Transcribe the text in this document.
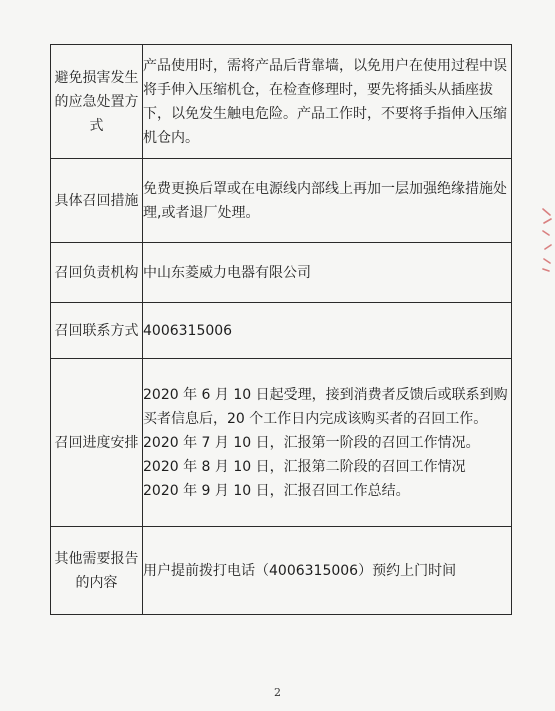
避免损害发生的应急处置方式	产品使用时，需将产品后背靠墙，以免用户在使用过程中误将手伸入压缩机仓，在检查修理时，要先将插头从插座拔下，以免发生触电危险。产品工作时，不要将手指伸入压缩机仓内。

具体召回措施	免费更换后罩或在电源线内部线上再加一层加强绝缘措施处理,或者退厂处理。

召回负责机构	中山东菱威力电器有限公司

召回联系方式	4006315006

召回进度安排	2020 年 6 月 10 日起受理，接到消费者反馈后或联系到购买者信息后，20 个工作日内完成该购买者的召回工作。
2020 年 7 月 10 日，汇报第一阶段的召回工作情况。
2020 年 8 月 10 日，汇报第二阶段的召回工作情况
2020 年 9 月 10 日，汇报召回工作总结。

其他需要报告的内容	用户提前拨打电话（4006315006）预约上门时间
2
